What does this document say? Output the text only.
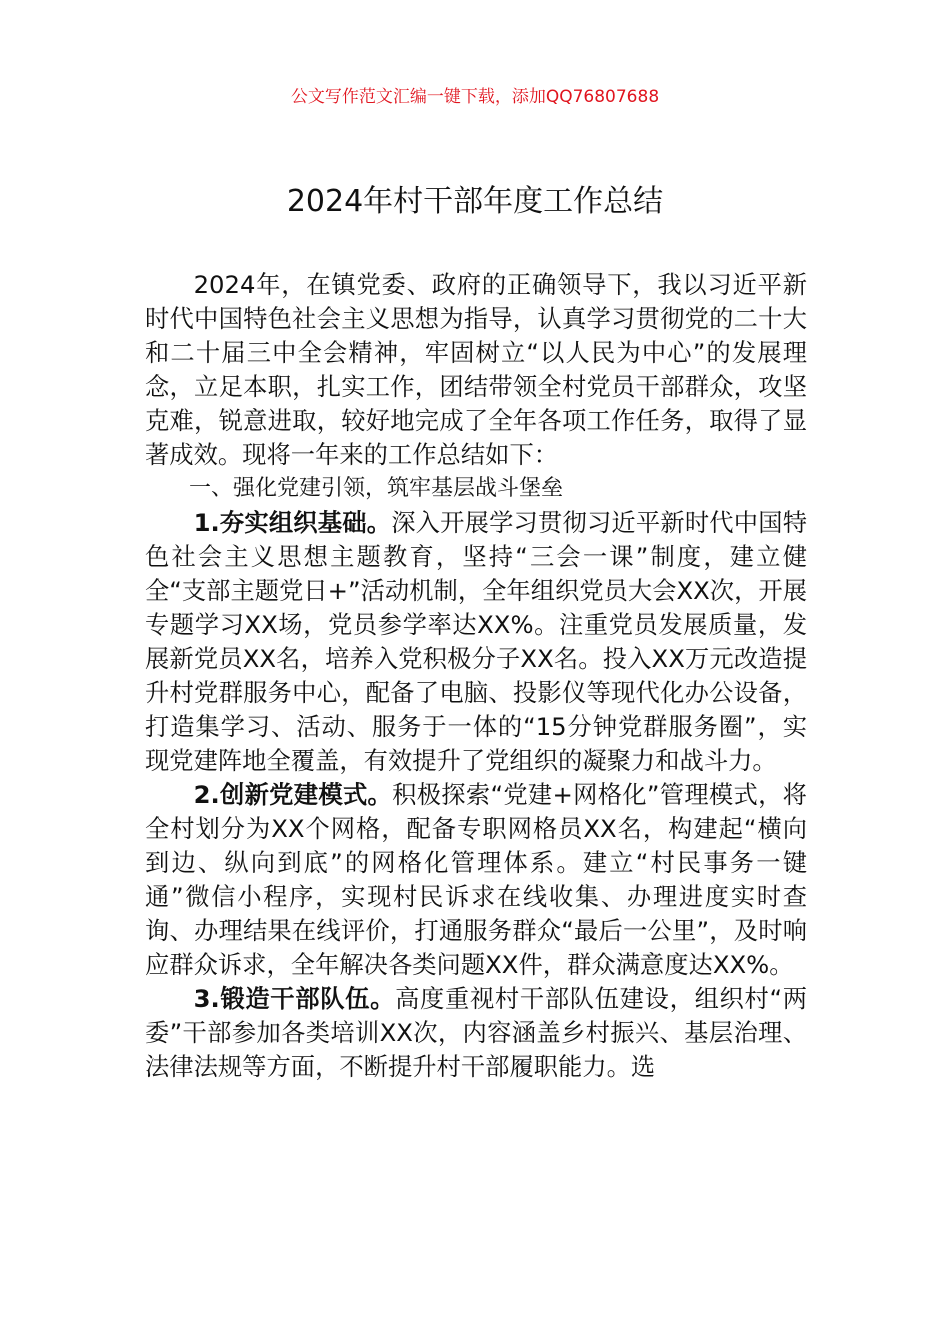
公文写作范文汇编一键下载，添加QQ76807688
2024年村干部年度工作总结

2024年，在镇党委、政府的正确领导下，我以习近平新时代中国特色社会主义思想为指导，认真学习贯彻党的二十大和二十届三中全会精神，牢固树立“以人民为中心”的发展理念，立足本职，扎实工作，团结带领全村党员干部群众，攻坚克难，锐意进取，较好地完成了全年各项工作任务，取得了显著成效。现将一年来的工作总结如下：

一、强化党建引领，筑牢基层战斗堡垒

1.夯实组织基础。深入开展学习贯彻习近平新时代中国特色社会主义思想主题教育，坚持“三会一课”制度，建立健全“支部主题党日+”活动机制，全年组织党员大会XX次，开展专题学习XX场，党员参学率达XX%。注重党员发展质量，发展新党员XX名，培养入党积极分子XX名。投入XX万元改造提升村党群服务中心，配备了电脑、投影仪等现代化办公设备，打造集学习、活动、服务于一体的“15分钟党群服务圈”，实现党建阵地全覆盖，有效提升了党组织的凝聚力和战斗力。

2.创新党建模式。积极探索“党建+网格化”管理模式，将全村划分为XX个网格，配备专职网格员XX名，构建起“横向到边、纵向到底”的网格化管理体系。建立“村民事务一键通”微信小程序，实现村民诉求在线收集、办理进度实时查询、办理结果在线评价，打通服务群众“最后一公里”，及时响应群众诉求，全年解决各类问题XX件，群众满意度达XX%。

3.锻造干部队伍。高度重视村干部队伍建设，组织村“两委”干部参加各类培训XX次，内容涵盖乡村振兴、基层治理、法律法规等方面，不断提升村干部履职能力。选
